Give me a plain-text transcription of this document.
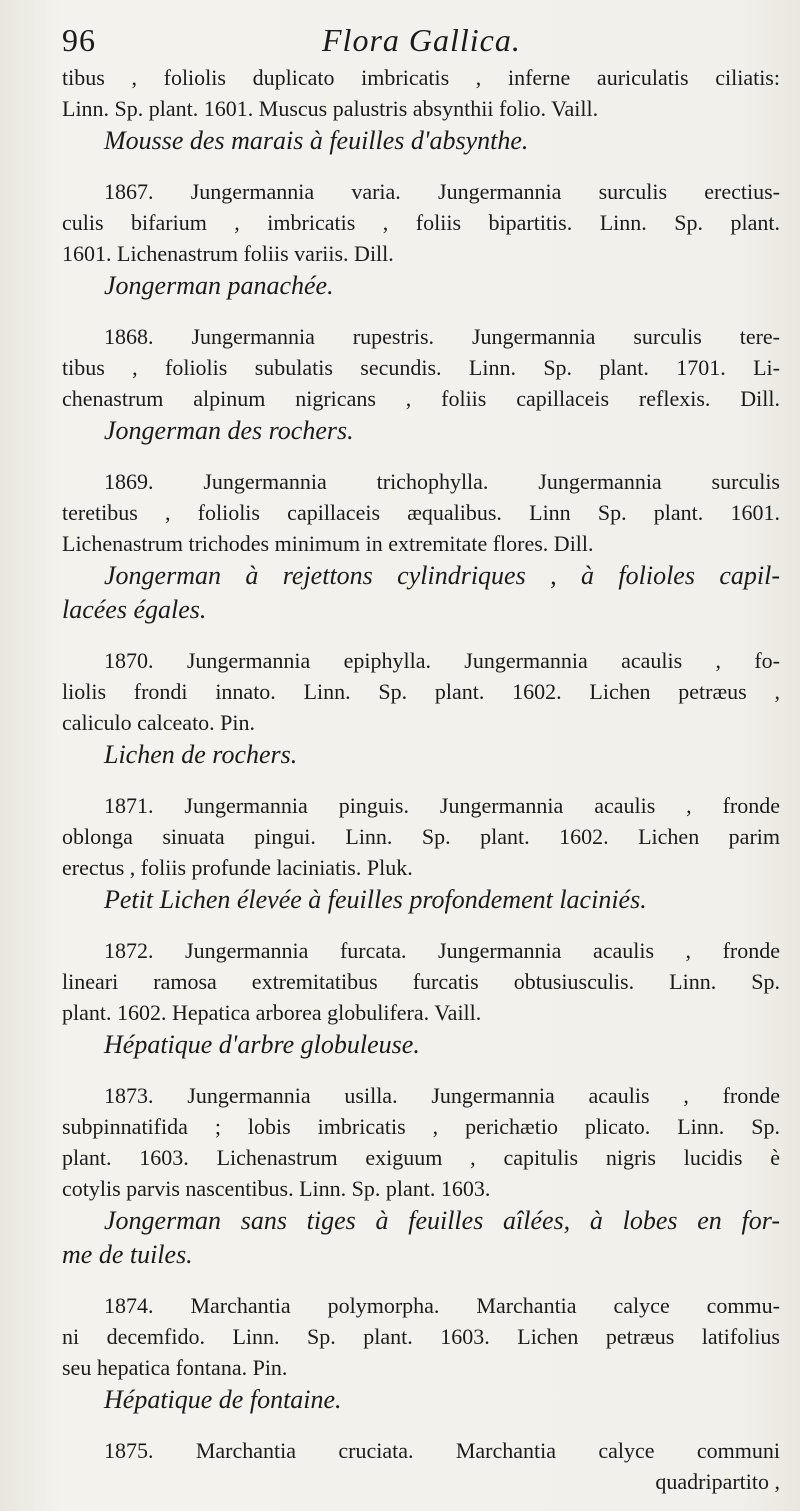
96	Flora Gallica.
tibus , foliolis duplicato imbricatis , inferne auriculatis ciliatis:
Linn. Sp. plant. 1601. Muscus palustris absynthii folio. Vaill.
Mousse des marais à feuilles d'absynthe.
1867. Jungermannia varia. Jungermannia surculis erectius-
culis bifarium , imbricatis , foliis bipartitis. Linn. Sp. plant.
1601. Lichenastrum foliis variis. Dill.
Jongerman panachée.
1868. Jungermannia rupestris. Jungermannia surculis tere-
tibus , foliolis subulatis secundis. Linn. Sp. plant. 1701. Li-
chenastrum alpinum nigricans , foliis capillaceis reflexis. Dill.
Jongerman des rochers.
1869. Jungermannia trichophylla. Jungermannia surculis
teretibus , foliolis capillaceis æqualibus. Linn Sp. plant. 1601.
Lichenastrum trichodes minimum in extremitate flores. Dill.
Jongerman à rejettons cylindriques , à folioles capil-
lacées égales.
1870. Jungermannia epiphylla. Jungermannia acaulis , fo-
liolis frondi innato. Linn. Sp. plant. 1602. Lichen petræus ,
caliculo calceato. Pin.
Lichen de rochers.
1871. Jungermannia pinguis. Jungermannia acaulis , fronde
oblonga sinuata pingui. Linn. Sp. plant. 1602. Lichen parim
erectus , foliis profunde laciniatis. Pluk.
Petit Lichen élevée à feuilles profondement laciniés.
1872. Jungermannia furcata. Jungermannia acaulis , fronde
lineari ramosa extremitatibus furcatis obtusiusculis. Linn. Sp.
plant. 1602. Hepatica arborea globulifera. Vaill.
Hépatique d'arbre globuleuse.
1873. Jungermannia usilla. Jungermannia acaulis , fronde
subpinnatifida ; lobis imbricatis , perichætio plicato. Linn. Sp.
plant. 1603. Lichenastrum exiguum , capitulis nigris lucidis è
cotylis parvis nascentibus. Linn. Sp. plant. 1603.
Jongerman sans tiges à feuilles aîlées, à lobes en for-
me de tuiles.
1874. Marchantia polymorpha. Marchantia calyce commu-
ni decemfido. Linn. Sp. plant. 1603. Lichen petræus latifolius
seu hepatica fontana. Pin.
Hépatique de fontaine.
1875. Marchantia cruciata. Marchantia calyce communi
quadripartito ,
